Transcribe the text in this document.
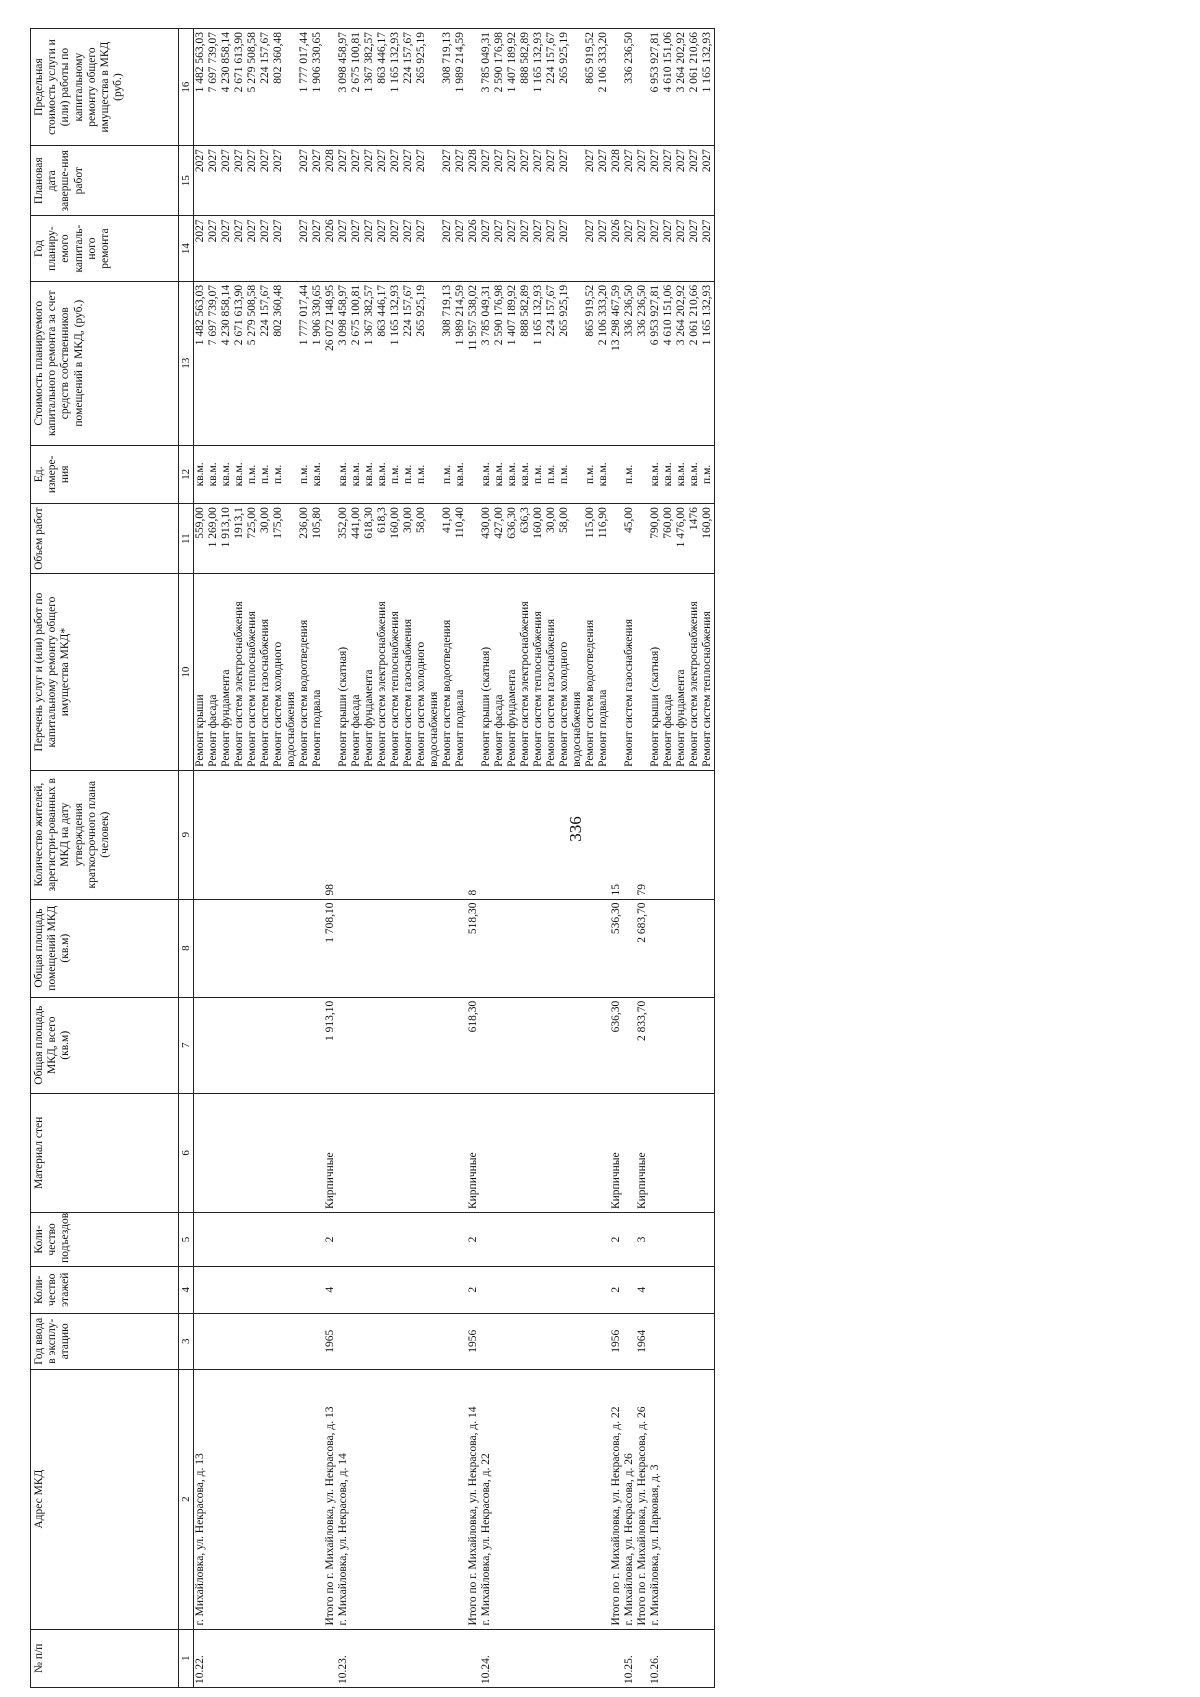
336
№ п/п	Адрес МКД	Год ввода в эксплу-атацию	Коли-чество этажей	Коли-чество подъездов	Материал стен	Общая площадь МКД, всего (кв.м)	Общая площадь помещений МКД (кв.м)	Количество жителей, зарегистри-рованных в МКД на дату утверждения краткосрочного плана (человек)	Перечень услуг и (или) работ по капитальному ремонту общего имущества МКД*	Объем работ	Ед. измере-ния	Стоимость планируемого капитального ремонта за счет средств собственников помещений в МКД, (руб.)	Год планиру-емого капиталь-ного ремонта	Плановая дата заверше-ния работ	Предельная стоимость услуги и (или) работы по капитальному ремонту общего имущества в МКД (руб.)
1	2	3	4	5	6	7	8	9	10	11	12	13	14	15	16
10.22.	г. Михайловка, ул. Некрасова, д. 13								Ремонт крыши	559,00	кв.м.	1 482 563,03	2027	2027	1 482 563,03
									Ремонт фасада	1 269,00	кв.м.	7 697 739,07	2027	2027	7 697 739,07
									Ремонт фундамента	1 913,10	кв.м.	4 230 858,14	2027	2027	4 230 858,14
									Ремонт систем электроснабжения	1913,1	кв.м.	2 671 613,90	2027	2027	2 671 613,90
									Ремонт систем теплоснабжения	725,00	п.м.	5 279 508,58	2027	2027	5 279 508,58
									Ремонт систем газоснабжения	30,00	п.м.	224 157,67	2027	2027	224 157,67
									Ремонт систем холодного водоснабжения	175,00	п.м.	802 360,48	2027	2027	802 360,48
									Ремонт систем водоотведения	236,00	п.м.	1 777 017,44	2027	2027	1 777 017,44
									Ремонт подвала	105,80	кв.м.	1 906 330,65	2027	2027	1 906 330,65
	Итого по г. Михайловка, ул. Некрасова, д. 13	1965	4	2	Кирпичные	1 913,10	1 708,10	98				26 072 148,95	2026	2028	
10.23.	г. Михайловка, ул. Некрасова, д. 14								Ремонт крыши (скатная)	352,00	кв.м.	3 098 458,97	2027	2027	3 098 458,97
									Ремонт фасада	441,00	кв.м.	2 675 100,81	2027	2027	2 675 100,81
									Ремонт фундамента	618,30	кв.м.	1 367 382,57	2027	2027	1 367 382,57
									Ремонт систем электроснабжения	618,3	кв.м.	863 446,17	2027	2027	863 446,17
									Ремонт систем теплоснабжения	160,00	п.м.	1 165 132,93	2027	2027	1 165 132,93
									Ремонт систем газоснабжения	30,00	п.м.	224 157,67	2027	2027	224 157,67
									Ремонт систем холодного водоснабжения	58,00	п.м.	265 925,19	2027	2027	265 925,19
									Ремонт систем водоотведения	41,00	п.м.	308 719,13	2027	2027	308 719,13
									Ремонт подвала	110,40	кв.м.	1 989 214,59	2027	2027	1 989 214,59
	Итого по г. Михайловка, ул. Некрасова, д. 14	1956	2	2	Кирпичные	618,30	518,30	8				11 957 538,02	2026	2028	
10.24.	г. Михайловка, ул. Некрасова, д. 22								Ремонт крыши (скатная)	430,00	кв.м.	3 785 049,31	2027	2027	3 785 049,31
									Ремонт фасада	427,00	кв.м.	2 590 176,98	2027	2027	2 590 176,98
									Ремонт фундамента	636,30	кв.м.	1 407 189,92	2027	2027	1 407 189,92
									Ремонт систем электроснабжения	636,3	кв.м.	888 582,89	2027	2027	888 582,89
									Ремонт систем теплоснабжения	160,00	п.м.	1 165 132,93	2027	2027	1 165 132,93
									Ремонт систем газоснабжения	30,00	п.м.	224 157,67	2027	2027	224 157,67
									Ремонт систем холодного водоснабжения	58,00	п.м.	265 925,19	2027	2027	265 925,19
									Ремонт систем водоотведения	115,00	п.м.	865 919,52	2027	2027	865 919,52
									Ремонт подвала	116,90	кв.м.	2 106 333,20	2027	2027	2 106 333,20
	Итого по г. Михайловка, ул. Некрасова, д. 22	1956	2	2	Кирпичные	636,30	536,30	15				13 298 467,59	2026	2028	
10.25.	г. Михайловка, ул. Некрасова, д. 26								Ремонт систем газоснабжения	45,00	п.м.	336 236,50	2027	2027	336 236,50
	Итого по г. Михайловка, ул. Некрасова, д. 26	1964	4	3	Кирпичные	2 833,70	2 683,70	79				336 236,50	2027	2027	
10.26.	г. Михайловка, ул. Парковая, д. 3								Ремонт крыши (скатная)	790,00	кв.м.	6 953 927,81	2027	2027	6 953 927,81
									Ремонт фасада	760,00	кв.м.	4 610 151,06	2027	2027	4 610 151,06
									Ремонт фундамента	1 476,00	кв.м.	3 264 202,92	2027	2027	3 264 202,92
									Ремонт систем электроснабжения	1476	кв.м.	2 061 210,66	2027	2027	2 061 210,66
									Ремонт систем теплоснабжения	160,00	п.м.	1 165 132,93	2027	2027	1 165 132,93
